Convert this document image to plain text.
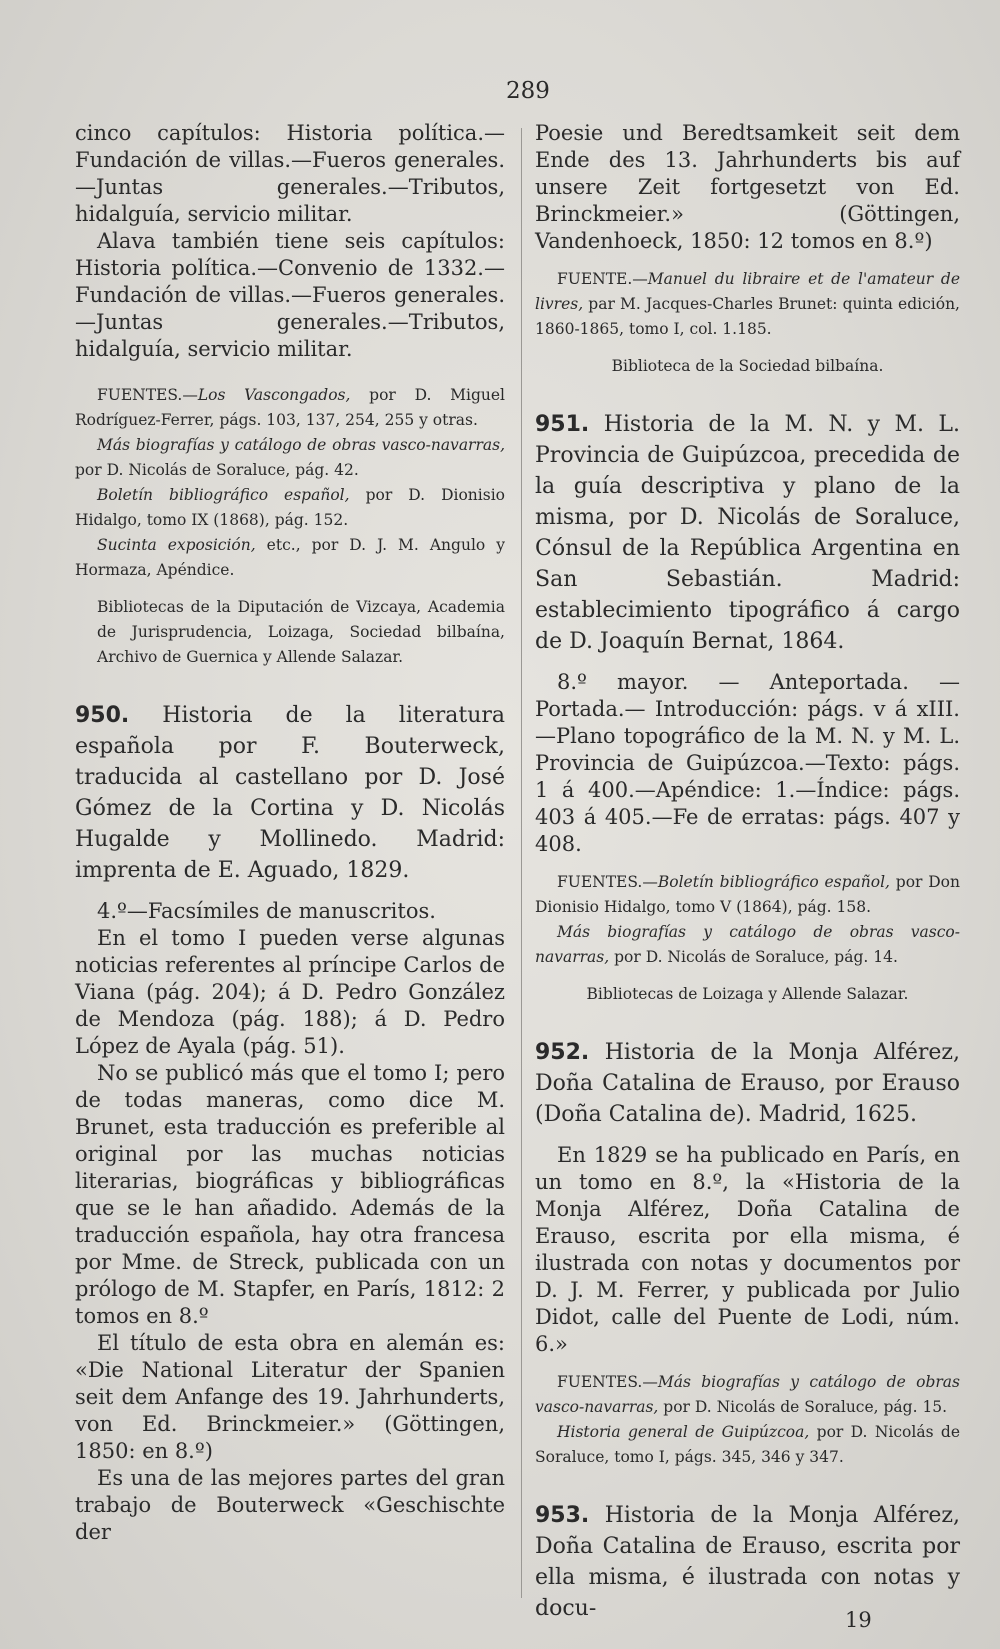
289

cinco capítulos: Historia política.—Fundación de villas.—Fueros generales.—Juntas generales.—Tributos, hidalguía, servicio militar.

Alava también tiene seis capítulos: Historia política.—Convenio de 1332.—Fundación de villas.—Fueros generales.—Juntas generales.—Tributos, hidalguía, servicio militar.

FUENTES.—Los Vascongados, por D. Miguel Rodríguez-Ferrer, págs. 103, 137, 254, 255 y otras.

Más biografías y catálogo de obras vasco-navarras, por D. Nicolás de Soraluce, pág. 42.

Boletín bibliográfico español, por D. Dionisio Hidalgo, tomo IX (1868), pág. 152.

Sucinta exposición, etc., por D. J. M. Angulo y Hormaza, Apéndice.

Bibliotecas de la Diputación de Vizcaya, Academia de Jurisprudencia, Loizaga, Sociedad bilbaína, Archivo de Guernica y Allende Salazar.

950. Historia de la literatura española por F. Bouterweck, traducida al castellano por D. José Gómez de la Cortina y D. Nicolás Hugalde y Mollinedo. Madrid: imprenta de E. Aguado, 1829.

4.º—Facsímiles de manuscritos.

En el tomo I pueden verse algunas noticias referentes al príncipe Carlos de Viana (pág. 204); á D. Pedro González de Mendoza (pág. 188); á D. Pedro López de Ayala (pág. 51).

No se publicó más que el tomo I; pero de todas maneras, como dice M. Brunet, esta traducción es preferible al original por las muchas noticias literarias, biográficas y bibliográficas que se le han añadido. Además de la traducción española, hay otra francesa por Mme. de Streck, publicada con un prólogo de M. Stapfer, en París, 1812: 2 tomos en 8.º

El título de esta obra en alemán es: «Die National Literatur der Spanien seit dem Anfange des 19. Jahrhunderts, von Ed. Brinckmeier.» (Göttingen, 1850: en 8.º)

Es una de las mejores partes del gran trabajo de Bouterweck «Geschischte der

Poesie und Beredtsamkeit seit dem Ende des 13. Jahrhunderts bis auf unsere Zeit fortgesetzt von Ed. Brinckmeier.» (Göttingen, Vandenhoeck, 1850: 12 tomos en 8.º)

FUENTE.—Manuel du libraire et de l'amateur de livres, par M. Jacques-Charles Brunet: quinta edición, 1860-1865, tomo I, col. 1.185.

Biblioteca de la Sociedad bilbaína.

951. Historia de la M. N. y M. L. Provincia de Guipúzcoa, precedida de la guía descriptiva y plano de la misma, por D. Nicolás de Soraluce, Cónsul de la República Argentina en San Sebastián. Madrid: establecimiento tipográfico á cargo de D. Joaquín Bernat, 1864.

8.º mayor. — Anteportada. — Portada.— Introducción: págs. v á xIII.—Plano topográfico de la M. N. y M. L. Provincia de Guipúzcoa.—Texto: págs. 1 á 400.—Apéndice: 1.—Índice: págs. 403 á 405.—Fe de erratas: págs. 407 y 408.

FUENTES.—Boletín bibliográfico español, por Don Dionisio Hidalgo, tomo V (1864), pág. 158.

Más biografías y catálogo de obras vasco-navarras, por D. Nicolás de Soraluce, pág. 14.

Bibliotecas de Loizaga y Allende Salazar.

952. Historia de la Monja Alférez, Doña Catalina de Erauso, por Erauso (Doña Catalina de). Madrid, 1625.

En 1829 se ha publicado en París, en un tomo en 8.º, la «Historia de la Monja Alférez, Doña Catalina de Erauso, escrita por ella misma, é ilustrada con notas y documentos por D. J. M. Ferrer, y publicada por Julio Didot, calle del Puente de Lodi, núm. 6.»

FUENTES.—Más biografías y catálogo de obras vasco-navarras, por D. Nicolás de Soraluce, pág. 15.

Historia general de Guipúzcoa, por D. Nicolás de Soraluce, tomo I, págs. 345, 346 y 347.

953. Historia de la Monja Alférez, Doña Catalina de Erauso, escrita por ella misma, é ilustrada con notas y docu-	19
